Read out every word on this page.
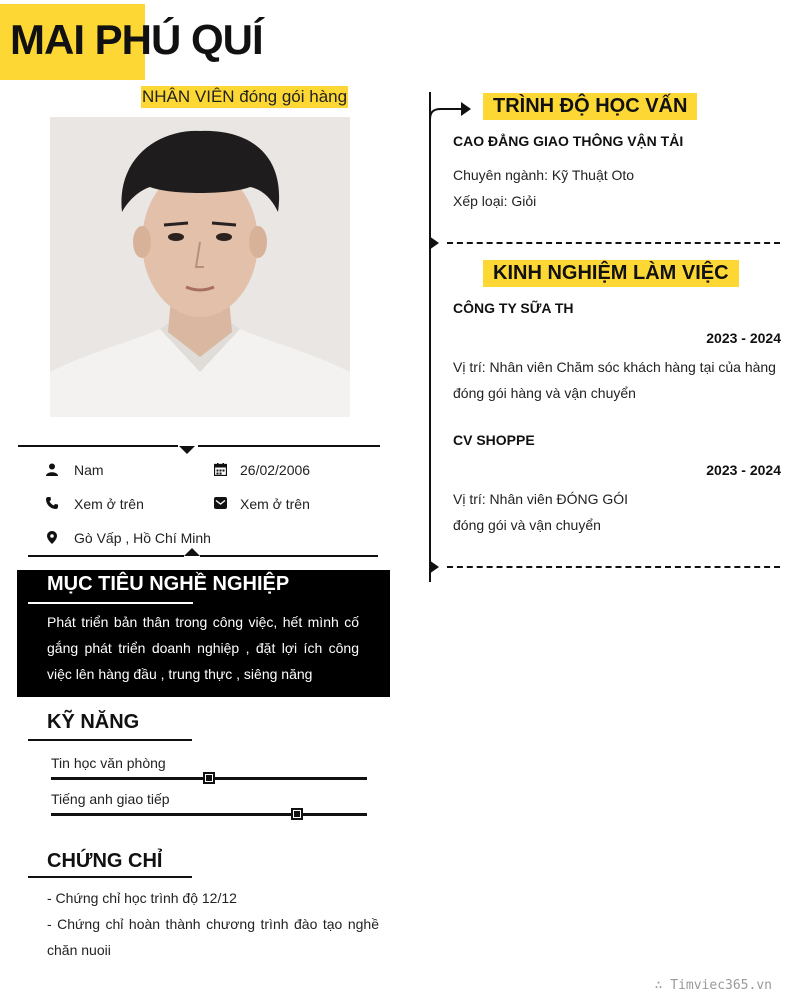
MAI PHÚ QUÍ
NHÂN VIÊN đóng gói hàng
Nam	26/02/2006
Xem ở trên	Xem ở trên
Gò Vấp , Hồ Chí Minh
MỤC TIÊU NGHỀ NGHIỆP
Phát triển bản thân trong công việc, hết mình cố gắng phát triển doanh nghiệp , đặt lợi ích công việc lên hàng đầu , trung thực , siêng năng
KỸ NĂNG
Tin học văn phòng
Tiếng anh giao tiếp
CHỨNG CHỈ
- Chứng chỉ học trình độ 12/12
- Chứng chỉ hoàn thành chương trình đào tạo nghề chăn nuoii
TRÌNH ĐỘ HỌC VẤN
CAO ĐẲNG GIAO THÔNG VẬN TẢI
Chuyên ngành: Kỹ Thuật Oto
Xếp loại: Giỏi
KINH NGHIỆM LÀM VIỆC
CÔNG TY SỮA TH
2023 - 2024
Vị trí: Nhân viên Chăm sóc khách hàng tại của hàng đóng gói hàng và vận chuyển
CV SHOPPE
2023 - 2024
Vị trí: Nhân viên ĐÓNG GÓI
đóng gói và vận chuyển
∴ Timviec365.vn
